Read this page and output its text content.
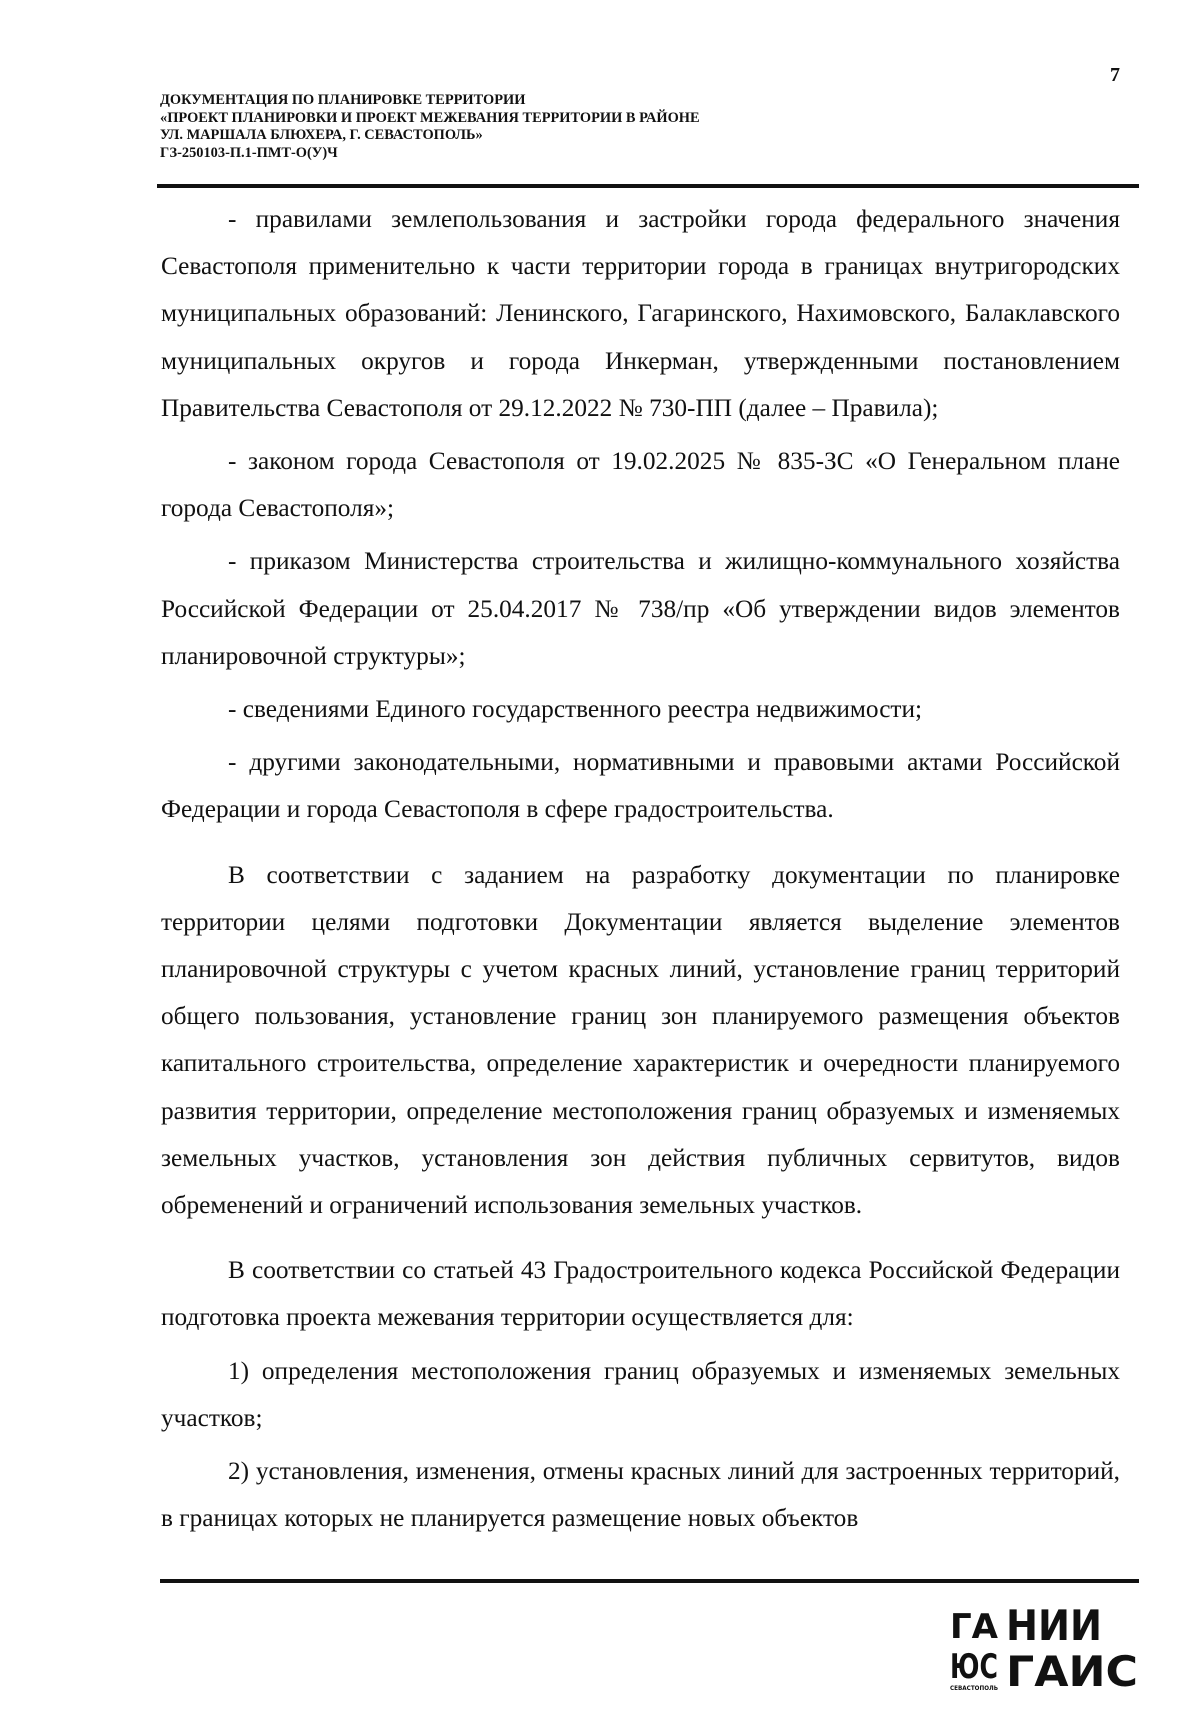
7
ДОКУМЕНТАЦИЯ ПО ПЛАНИРОВКЕ ТЕРРИТОРИИ
«ПРОЕКТ ПЛАНИРОВКИ И ПРОЕКТ МЕЖЕВАНИЯ ТЕРРИТОРИИ В РАЙОНЕ
УЛ. МАРШАЛА БЛЮХЕРА, Г. СЕВАСТОПОЛЬ»
ГЗ-250103-П.1-ПМТ-О(У)Ч

- правилами землепользования и застройки города федерального значения Севастополя применительно к части территории города в границах внутригородских муниципальных образований: Ленинского, Гагаринского, Нахимовского, Балаклавского муниципальных округов и города Инкерман, утвержденными постановлением Правительства Севастополя от 29.12.2022 № 730-ПП (далее – Правила);

- законом города Севастополя от 19.02.2025 № 835-ЗС «О Генеральном плане города Севастополя»;

- приказом Министерства строительства и жилищно-коммунального хозяйства Российской Федерации от 25.04.2017 № 738/пр «Об утверждении видов элементов планировочной структуры»;

- сведениями Единого государственного реестра недвижимости;

- другими законодательными, нормативными и правовыми актами Российской Федерации и города Севастополя в сфере градостроительства.

В соответствии с заданием на разработку документации по планировке территории целями подготовки Документации является выделение элементов планировочной структуры с учетом красных линий, установление границ территорий общего пользования, установление границ зон планируемого размещения объектов капитального строительства, определение характеристик и очередности планируемого развития территории, определение местоположения границ образуемых и изменяемых земельных участков, установления зон действия публичных сервитутов, видов обременений и ограничений использования земельных участков.

В соответствии со статьей 43 Градостроительного кодекса Российской Федерации подготовка проекта межевания территории осуществляется для:

1) определения местоположения границ образуемых и изменяемых земельных участков;

2) установления, изменения, отмены красных линий для застроенных территорий, в границах которых не планируется размещение новых объектов

ГА
ЮС
СЕВАСТОПОЛЬ
НИИ
ГАИС
